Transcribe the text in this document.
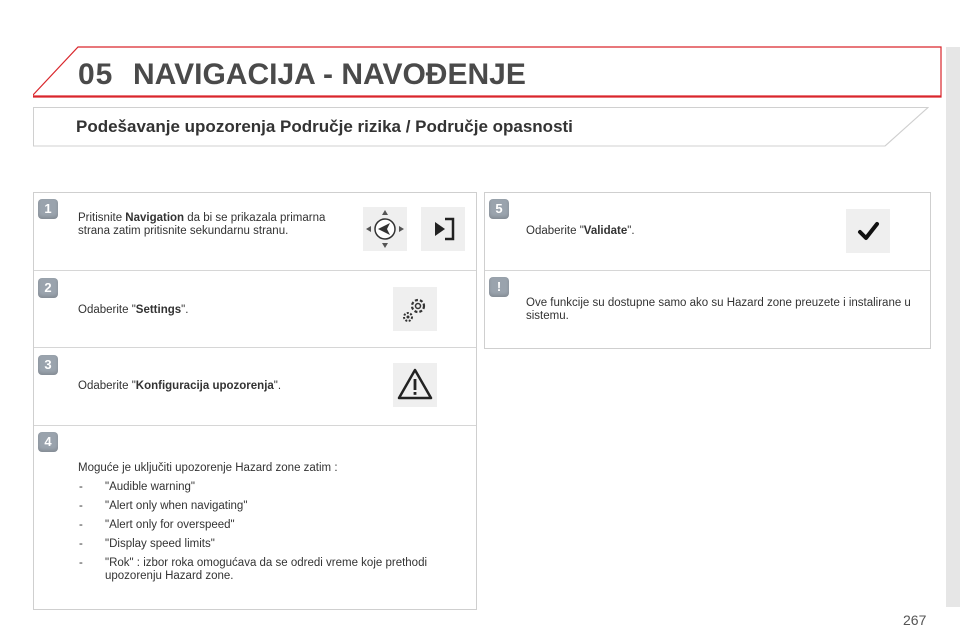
05 NAVIGACIJA - NAVOĐENJE
Podešavanje upozorenja Područje rizika / Područje opasnosti
1
Pritisnite Navigation da bi se prikazala primarna strana zatim pritisnite sekundarnu stranu.
2
Odaberite "Settings".
3
Odaberite "Konfiguracija upozorenja".
4
Moguće je uključiti upozorenje Hazard zone zatim :
- "Audible warning"
- "Alert only when navigating"
- "Alert only for overspeed"
- "Display speed limits"
- "Rok" : izbor roka omogućava da se odredi vreme koje prethodi upozorenju Hazard zone.
5
Odaberite "Validate".
!
Ove funkcije su dostupne samo ako su Hazard zone preuzete i instalirane u sistemu.
267
